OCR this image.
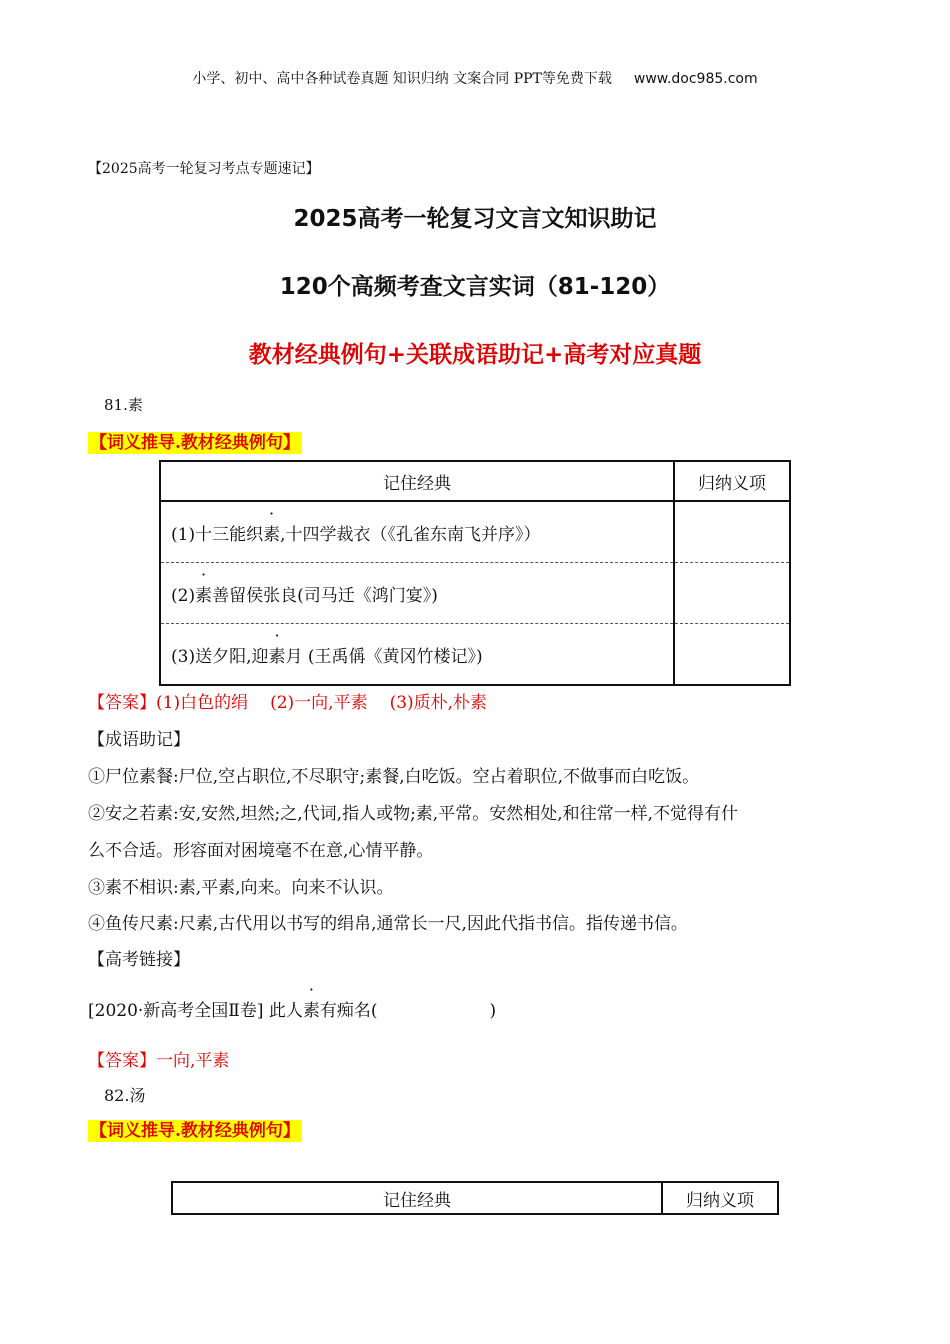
小学、初中、高中各种试卷真题 知识归纳 文案合同 PPT等免费下载 www.doc985.com
【2025高考一轮复习考点专题速记】
2025高考一轮复习文言文知识助记
120个高频考查文言实词（81-120）
教材经典例句+关联成语助记+高考对应真题
81.素
【词义推导.教材经典例句】
记住经典	归纳义项
(1)十三能织素,十四学裁衣（《孔雀东南飞并序》）	
(2)素善留侯张良(司马迁《鸿门宴》)	
(3)送夕阳,迎素月 (王禹偁《黄冈竹楼记》)	
【答案】(1)白色的绢 (2)一向,平素 (3)质朴,朴素
【成语助记】
①尸位素餐:尸位,空占职位,不尽职守;素餐,白吃饭。空占着职位,不做事而白吃饭。
②安之若素:安,安然,坦然;之,代词,指人或物;素,平常。安然相处,和往常一样,不觉得有什
么不合适。形容面对困境毫不在意,心情平静。
③素不相识:素,平素,向来。向来不认识。
④鱼传尺素:尺素,古代用以书写的绢帛,通常长一尺,因此代指书信。指传递书信。
【高考链接】
[2020·新高考全国Ⅱ卷] 此人素有痴名(	)
【答案】一向,平素
82.汤
【词义推导.教材经典例句】
记住经典	归纳义项
